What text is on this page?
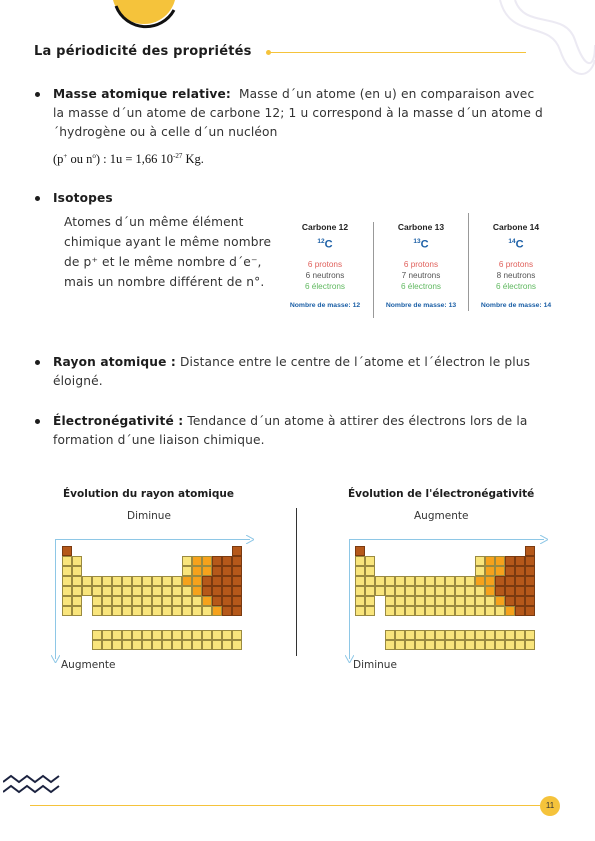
La périodicité des propriétés
Masse atomique relative: Masse d´un atome (en u) en comparaison avec la masse d´un atome de carbone 12; 1 u correspond à la masse d´un atome d´hydrogène ou à celle d´un nucléon
(p+ ou $n^o$) : 1u = 1,66 $10^{-27}$ Kg.
Isotopes
Atomes d´un même élément chimique ayant le même nombre de p⁺ et le même nombre d´e⁻, mais un nombre différent de n°.
Carbone 12
$^{12}$C
6 protons
6 neutrons
6 électrons
Nombre de masse: 12
Carbone 13
$^{13}$C
6 protons
7 neutrons
6 électrons
Nombre de masse: 13
Carbone 14
$^{14}$C
6 protons
8 neutrons
6 électrons
Nombre de masse: 14
Rayon atomique : Distance entre le centre de l´atome et l´électron le plus éloigné.
Électronégativité : Tendance d´un atome à attirer des électrons lors de la formation d´une liaison chimique.
Évolution du rayon atomique
Diminue
Augmente
Évolution de l'électronégativité
Augmente
Diminue
11
